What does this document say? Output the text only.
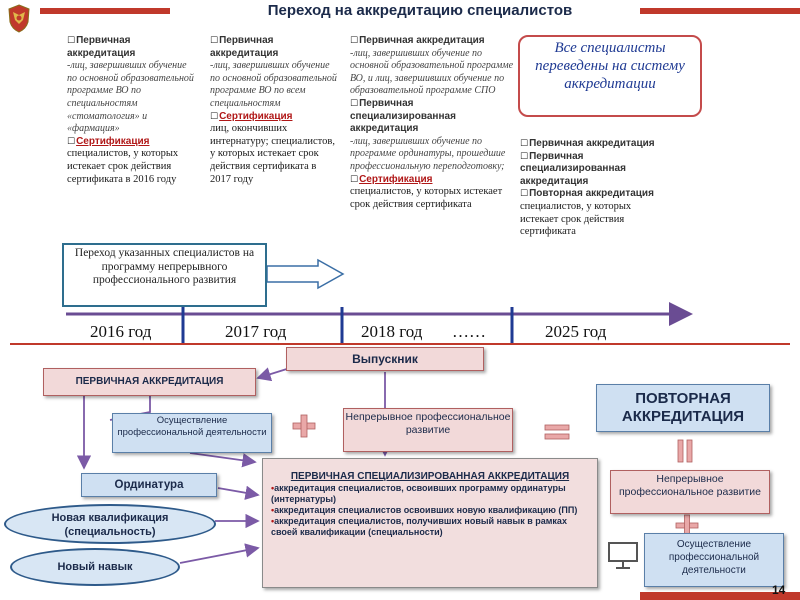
Переход на аккредитацию специалистов

☐Первичная аккредитация

-лиц, завершивших обучение по основной образовательной программе ВО по специальностям «стоматология» и «фармация»

☐Сертификация

специалистов, у которых истекает срок действия сертификата в 2016 году

☐Первичная аккредитация

-лиц, завершивших обучение по основной образовательной программе ВО по всем специальностям

☐Сертификация

лиц, окончивших интернатуру; специалистов, у которых истекает срок действия сертификата в 2017 году

☐Первичная аккредитация

-лиц, завершивших обучение по основной образовательной программе ВО, и лиц, завершивших обучение по образовательной программе СПО

☐Первичная специализированная аккредитация

-лиц, завершивших обучение по программе ординатуры, прошедшие профессиональную переподготовку;

☐Сертификация

специалистов, у которых истекает срок действия сертификата

Все специалисты переведены на систему аккредитации

☐Первичная аккредитация

☐Первичная специализированная аккредитация

☐Повторная аккредитация

специалистов, у которых истекает срок действия сертификата

Переход указанных специалистов на программу непрерывного профессионального развития
2016 год	2017 год	2018 год ……	2025 год
Выпускник
ПЕРВИЧНАЯ АККРЕДИТАЦИЯ
Осуществление профессиональной деятельности
Непрерывное профессиональное развитие
ПОВТОРНАЯ АККРЕДИТАЦИЯ
Ординатура
Новая квалификация (специальность)
Новый навык
ПЕРВИЧНАЯ СПЕЦИАЛИЗИРОВАННАЯ АККРЕДИТАЦИЯ

•аккредитация специалистов, освоивших программу ординатуры (интернатуры)

•аккредитация специалистов освоивших новую квалификацию (ПП)

•аккредитация специалистов, получивших новый навык в рамках своей квалификации (специальности)

Непрерывное профессиональное развитие
Осуществление профессиональной деятельности
14
